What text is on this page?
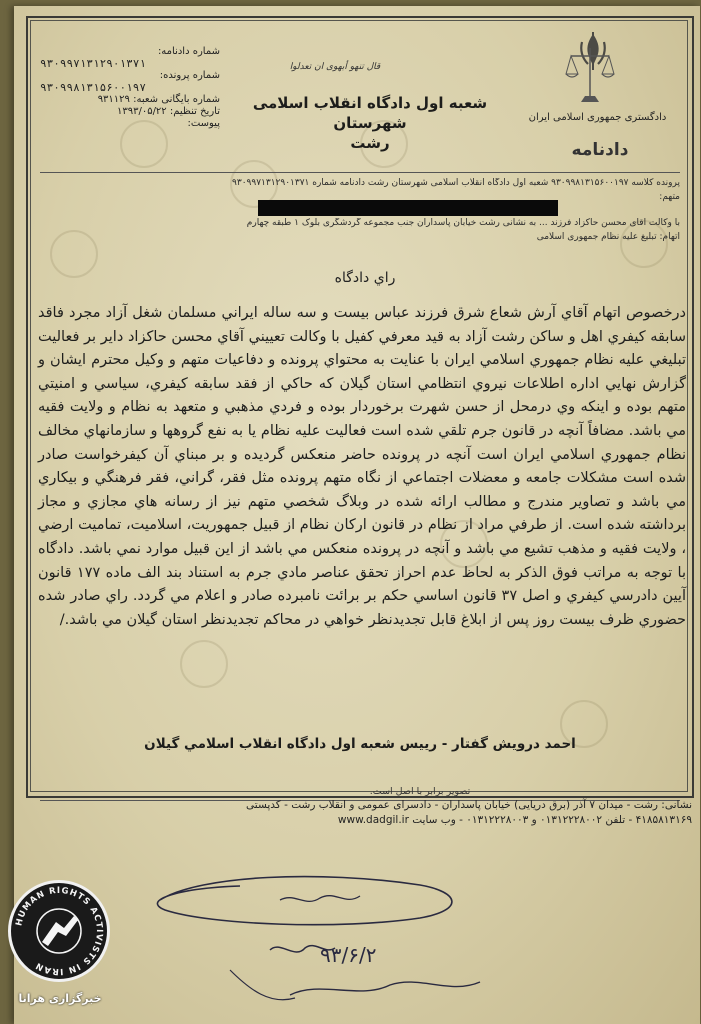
دادگستری جمهوری اسلامی ایران
قال تنهو أبهوى ان تعدلوا
شعبه اول دادگاه انقلاب اسلامی شهرستان
رشت	دادنامه
شماره دادنامه:
۹۳۰۹۹۷۱۳۱۲۹۰۱۳۷۱
شماره پرونده:
۹۳۰۹۹۸۱۳۱۵۶۰۰۱۹۷
شماره بایگانی شعبه: ۹۳۱۱۲۹
تاریخ تنظیم: ۱۳۹۳/۰۵/۲۲
پیوست:
پرونده کلاسه ۹۳۰۹۹۸۱۳۱۵۶۰۰۱۹۷ شعبه اول دادگاه انقلاب اسلامی شهرستان رشت دادنامه شماره ۹۳۰۹۹۷۱۳۱۲۹۰۱۳۷۱
متهم:
با وکالت آقای محسن حاکزاد فرزند ... به نشانی رشت خیابان پاسداران جنب مجموعه گردشگری بلوک ۱ طبقه چهارم
اتهام: تبلیغ علیه نظام جمهوری اسلامی
راي دادگاه
درخصوص اتهام آقاي آرش شعاع شرق فرزند عباس بيست و سه ساله ايراني مسلمان شغل آزاد مجرد فاقد سابقه كيفري اهل و ساكن رشت آزاد به قيد معرفي كفيل با وكالت تعييني آقاي محسن حاكزاد داير بر فعاليت تبليغي عليه نظام جمهوري اسلامي ايران با عنايت به محتواي پرونده و دفاعيات متهم و وكيل محترم ايشان و گزارش نهايي اداره اطلاعات نيروي انتظامي استان گيلان كه حاكي از فقد سابقه كيفري، سياسي و امنيتي متهم بوده و اينكه وي درمحل از حسن شهرت برخوردار بوده و فردي مذهبي و متعهد به نظام و ولايت فقيه مي باشد. مضافاً آنچه در قانون جرم تلقي شده است فعاليت عليه نظام يا به نفع گروهها و سازمانهاي مخالف نظام جمهوري اسلامي ايران است آنچه در پرونده حاضر منعكس گرديده و بر مبناي آن كيفرخواست صادر شده است مشكلات جامعه و معضلات اجتماعي از نگاه متهم پرونده مثل فقر، گراني، فقر فرهنگي و بيكاري مي باشد و تصاوير مندرج و مطالب ارائه شده در وبلاگ شخصي متهم نيز از رسانه هاي مجازي و مجاز برداشته شده است. از طرفي مراد از نظام در قانون اركان نظام از قبيل جمهوريت، اسلاميت، تماميت ارضي ، ولايت فقيه و مذهب تشيع مي باشد و آنچه در پرونده منعكس مي باشد از اين قبيل موارد نمي باشد. دادگاه با توجه به مراتب فوق الذكر به لحاظ عدم احراز تحقق عناصر مادي جرم به استناد بند الف ماده ۱۷۷ قانون آيين دادرسي كيفري و اصل ۳۷ قانون اساسي حكم بر برائت نامبرده صادر و اعلام مي گردد. راي صادر شده حضوري ظرف بيست روز پس از ابلاغ قابل تجديدنظر خواهي در محاكم تجديدنظر استان گيلان مي باشد./
احمد درويش گفتار - رييس شعبه اول دادگاه انقلاب اسلامي گيلان
تصویر برابر با اصل است.
نشانی: رشت - میدان ۷ آذر (برق دریایی) خیابان پاسداران - دادسرای عمومی و انقلاب رشت - کدپستی
۴۱۸۵۸۱۳۱۶۹ - تلفن ۰۱۳۱۲۲۲۸۰۰۲ و ۰۱۳۱۲۲۲۸۰۰۳ - وب سایت www.dadgil.ir
۹۳/۶/۲
HUMAN RIGHTS ACTIVISTS IN IRAN
خبرگزاری هرانا
